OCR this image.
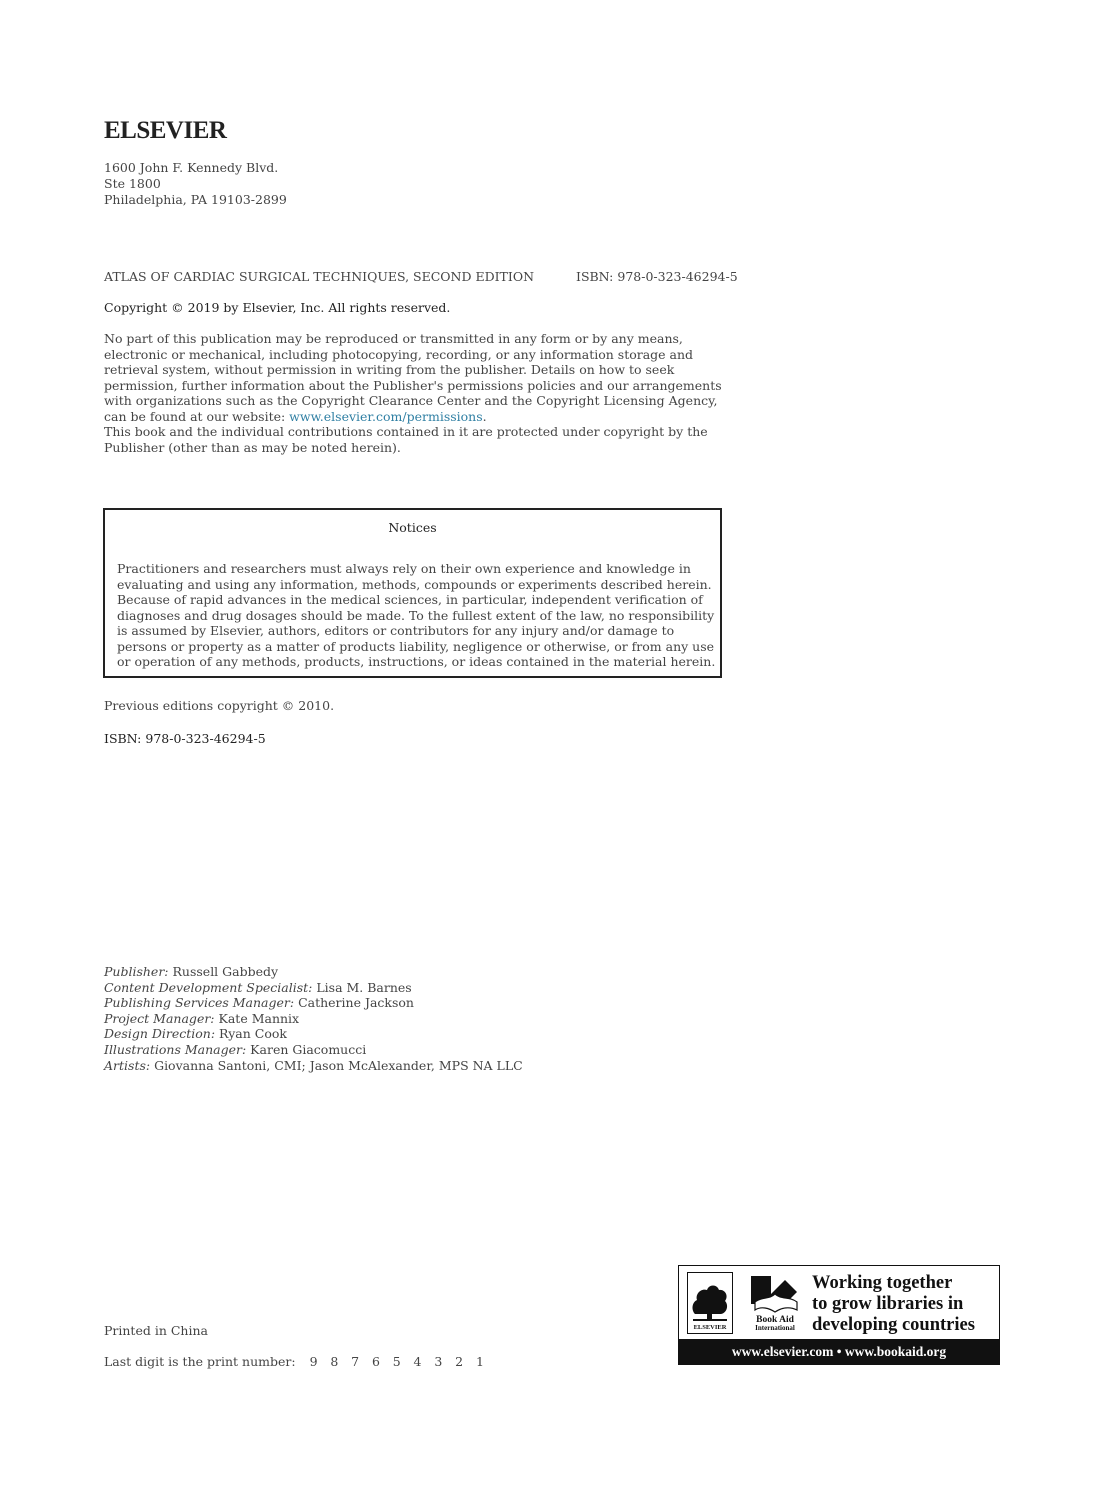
ELSEVIER
1600 John F. Kennedy Blvd.
Ste 1800
Philadelphia, PA 19103-2899
ATLAS OF CARDIAC SURGICAL TECHNIQUES, SECOND EDITION	ISBN: 978-0-323-46294-5
Copyright © 2019 by Elsevier, Inc. All rights reserved.
No part of this publication may be reproduced or transmitted in any form or by any means, electronic or mechanical, including photocopying, recording, or any information storage and retrieval system, without permission in writing from the publisher. Details on how to seek permission, further information about the Publisher's permissions policies and our arrangements with organizations such as the Copyright Clearance Center and the Copyright Licensing Agency, can be found at our website: www.elsevier.com/permissions.
This book and the individual contributions contained in it are protected under copyright by the Publisher (other than as may be noted herein).
Notices
Practitioners and researchers must always rely on their own experience and knowledge in evaluating and using any information, methods, compounds or experiments described herein. Because of rapid advances in the medical sciences, in particular, independent verification of diagnoses and drug dosages should be made. To the fullest extent of the law, no responsibility is assumed by Elsevier, authors, editors or contributors for any injury and/or damage to persons or property as a matter of products liability, negligence or otherwise, or from any use or operation of any methods, products, instructions, or ideas contained in the material herein.
Previous editions copyright © 2010.
ISBN: 978-0-323-46294-5
Publisher: Russell Gabbedy
Content Development Specialist: Lisa M. Barnes
Publishing Services Manager: Catherine Jackson
Project Manager: Kate Mannix
Design Direction: Ryan Cook
Illustrations Manager: Karen Giacomucci
Artists: Giovanna Santoni, CMI; Jason McAlexander, MPS NA LLC
Printed in China
Last digit is the print number: 9 8 7 6 5 4 3 2 1
ELSEVIER
Book Aid
International
Working together
to grow libraries in
developing countries
www.elsevier.com • www.bookaid.org
